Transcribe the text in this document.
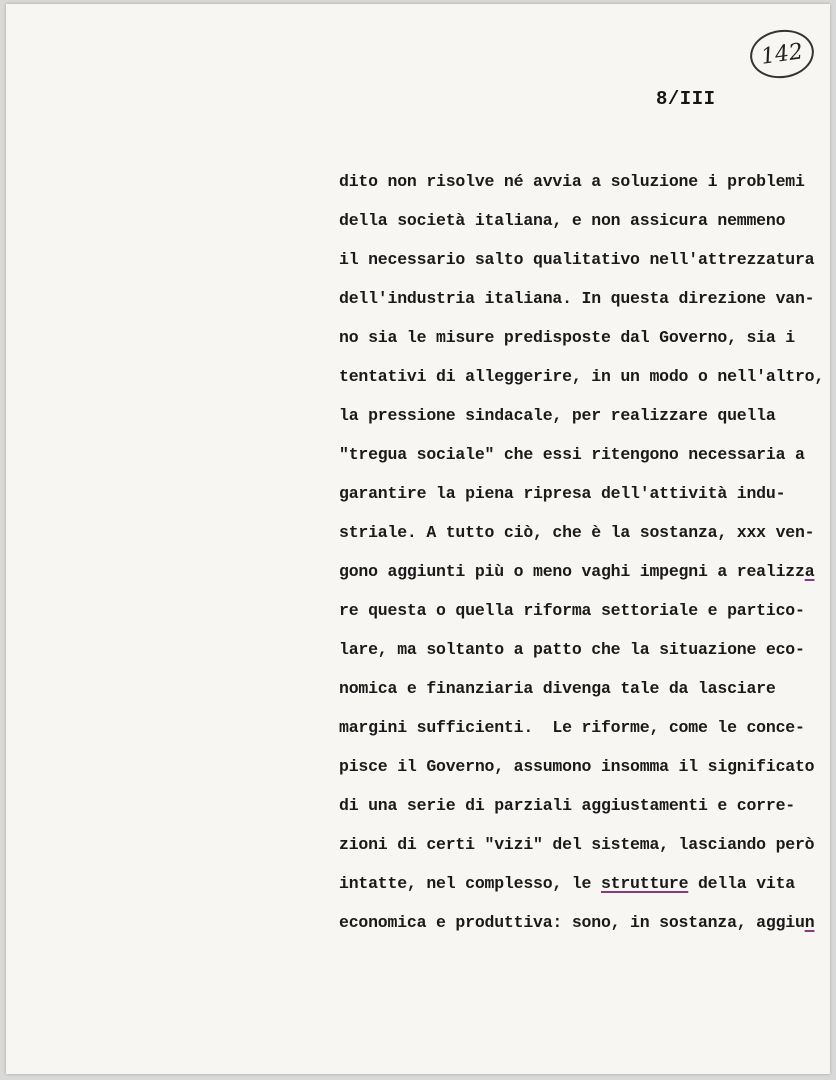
142
8/III
dito non risolve né avvia a soluzione i problemi
della società italiana, e non assicura nemmeno
il necessario salto qualitativo nell'attrezzatura
dell'industria italiana. In questa direzione van-
no sia le misure predisposte dal Governo, sia i
tentativi di alleggerire, in un modo o nell'altro,
la pressione sindacale, per realizzare quella
"tregua sociale" che essi ritengono necessaria a
garantire la piena ripresa dell'attività indu-
striale. A tutto ciò, che è la sostanza, xxx ven-
gono aggiunti più o meno vaghi impegni a realizza
re questa o quella riforma settoriale e partico-
lare, ma soltanto a patto che la situazione eco-
nomica e finanziaria divenga tale da lasciare
margini sufficienti.  Le riforme, come le conce-
pisce il Governo, assumono insomma il significato
di una serie di parziali aggiustamenti e corre-
zioni di certi "vizi" del sistema, lasciando però
intatte, nel complesso, le strutture della vita
economica e produttiva: sono, in sostanza, aggiun
